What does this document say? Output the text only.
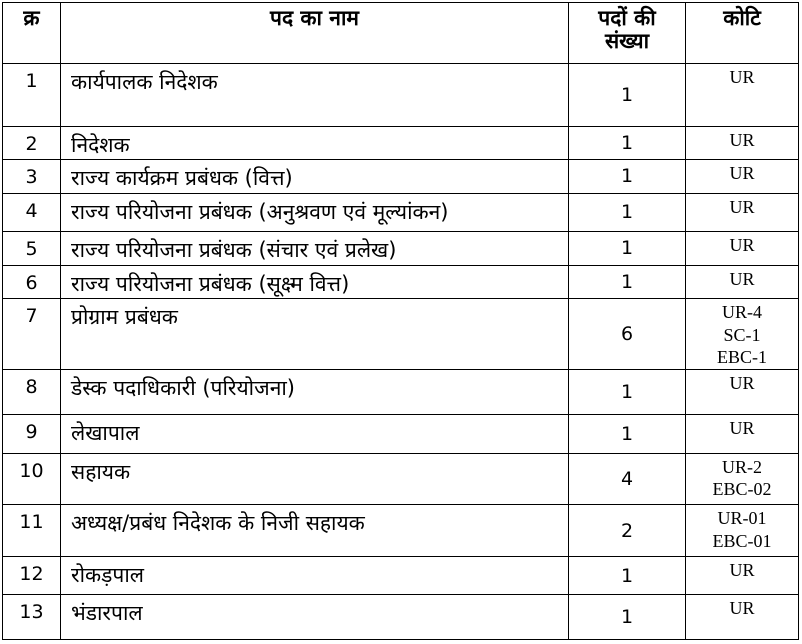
क्र	पद का नाम	पदों की संख्या	कोटि
1	कार्यपालक निदेशक	1	UR

2	निदेशक	1	UR

3	राज्य कार्यक्रम प्रबंधक (वित्त)	1	UR

4	राज्य परियोजना प्रबंधक (अनुश्रवण एवं मूल्यांकन)	1	UR

5	राज्य परियोजना प्रबंधक (संचार एवं प्रलेख)	1	UR

6	राज्य परियोजना प्रबंधक (सूक्ष्म वित्त)	1	UR

7	प्रोग्राम प्रबंधक	6	UR-4
SC-1
EBC-1

8	डेस्क पदाधिकारी (परियोजना)	1	UR

9	लेखापाल	1	UR

10	सहायक	4	UR-2
EBC-02

11	अध्यक्ष/प्रबंध निदेशक के निजी सहायक	2	UR-01
EBC-01

12	रोकड़पाल	1	UR

13	भंडारपाल	1	UR
